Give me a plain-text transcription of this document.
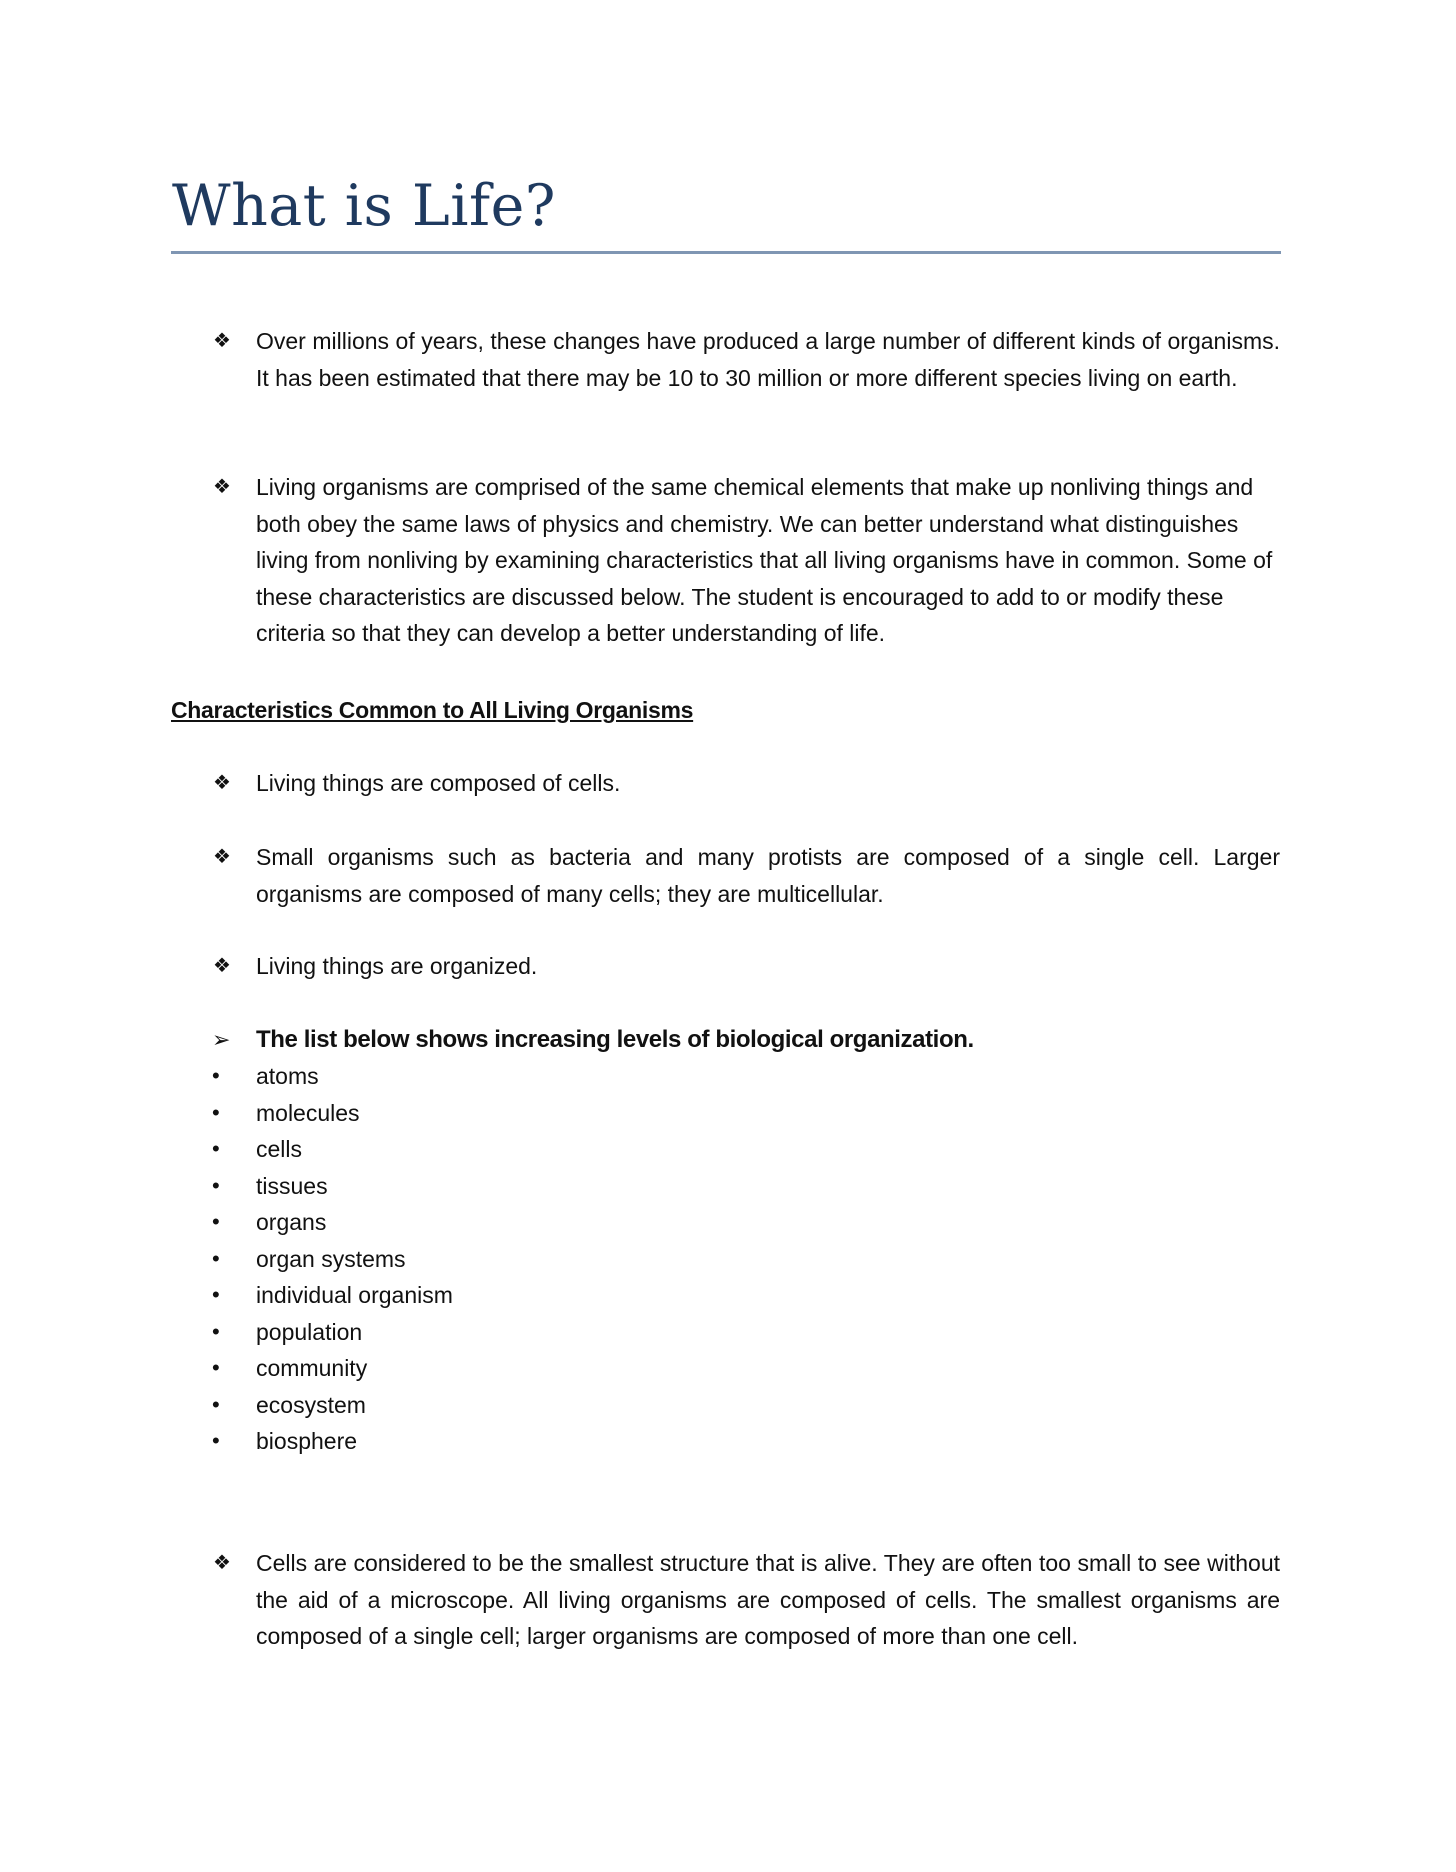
What is Life?
❖ Over millions of years, these changes have produced a large number of different kinds of organisms. It has been estimated that there may be 10 to 30 million or more different species living on earth.

❖ Living organisms are comprised of the same chemical elements that make up nonliving things and both obey the same laws of physics and chemistry. We can better understand what distinguishes living from nonliving by examining characteristics that all living organisms have in common. Some of these characteristics are discussed below. The student is encouraged to add to or modify these criteria so that they can develop a better understanding of life.

Characteristics Common to All Living Organisms
❖ Living things are composed of cells.

❖ Small organisms such as bacteria and many protists are composed of a single cell. Larger organisms are composed of many cells; they are multicellular.

❖ Living things are organized.

➢ The list below shows increasing levels of biological organization.
• atoms
• molecules
• cells
• tissues
• organs
• organ systems
• individual organism
• population
• community
• ecosystem
• biosphere
❖ Cells are considered to be the smallest structure that is alive. They are often too small to see without the aid of a microscope. All living organisms are composed of cells. The smallest organisms are composed of a single cell; larger organisms are composed of more than one cell.
